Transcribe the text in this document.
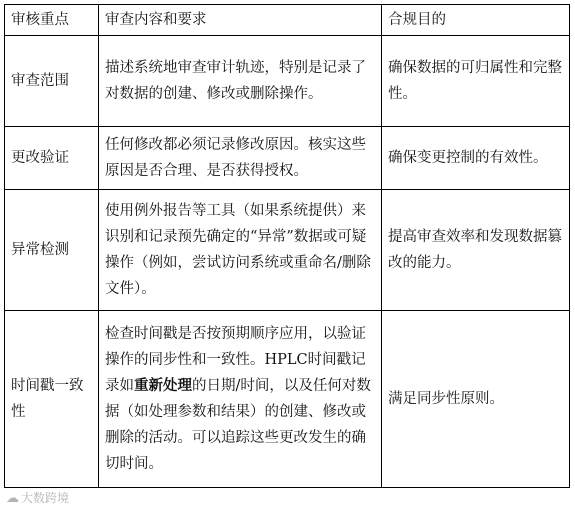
审核重点	审查内容和要求	合规目的
审查范围	描述系统地审查审计轨迹，特别是记录了对数据的创建、修改或删除操作。	确保数据的可归属性和完整性。
更改验证	任何修改都必须记录修改原因。核实这些原因是否合理、是否获得授权。	确保变更控制的有效性。
异常检测	使用例外报告等工具（如果系统提供）来识别和记录预先确定的“异常”数据或可疑操作（例如，尝试访问系统或重命名/删除文件）。	提高审查效率和发现数据篡改的能力。
时间戳一致性	检查时间戳是否按预期顺序应用，以验证操作的同步性和一致性。HPLC时间戳记录如重新处理的日期/时间，以及任何对数据（如处理参数和结果）的创建、修改或删除的活动。可以追踪这些更改发生的确切时间。	满足同步性原则。
☁ 大数跨境
